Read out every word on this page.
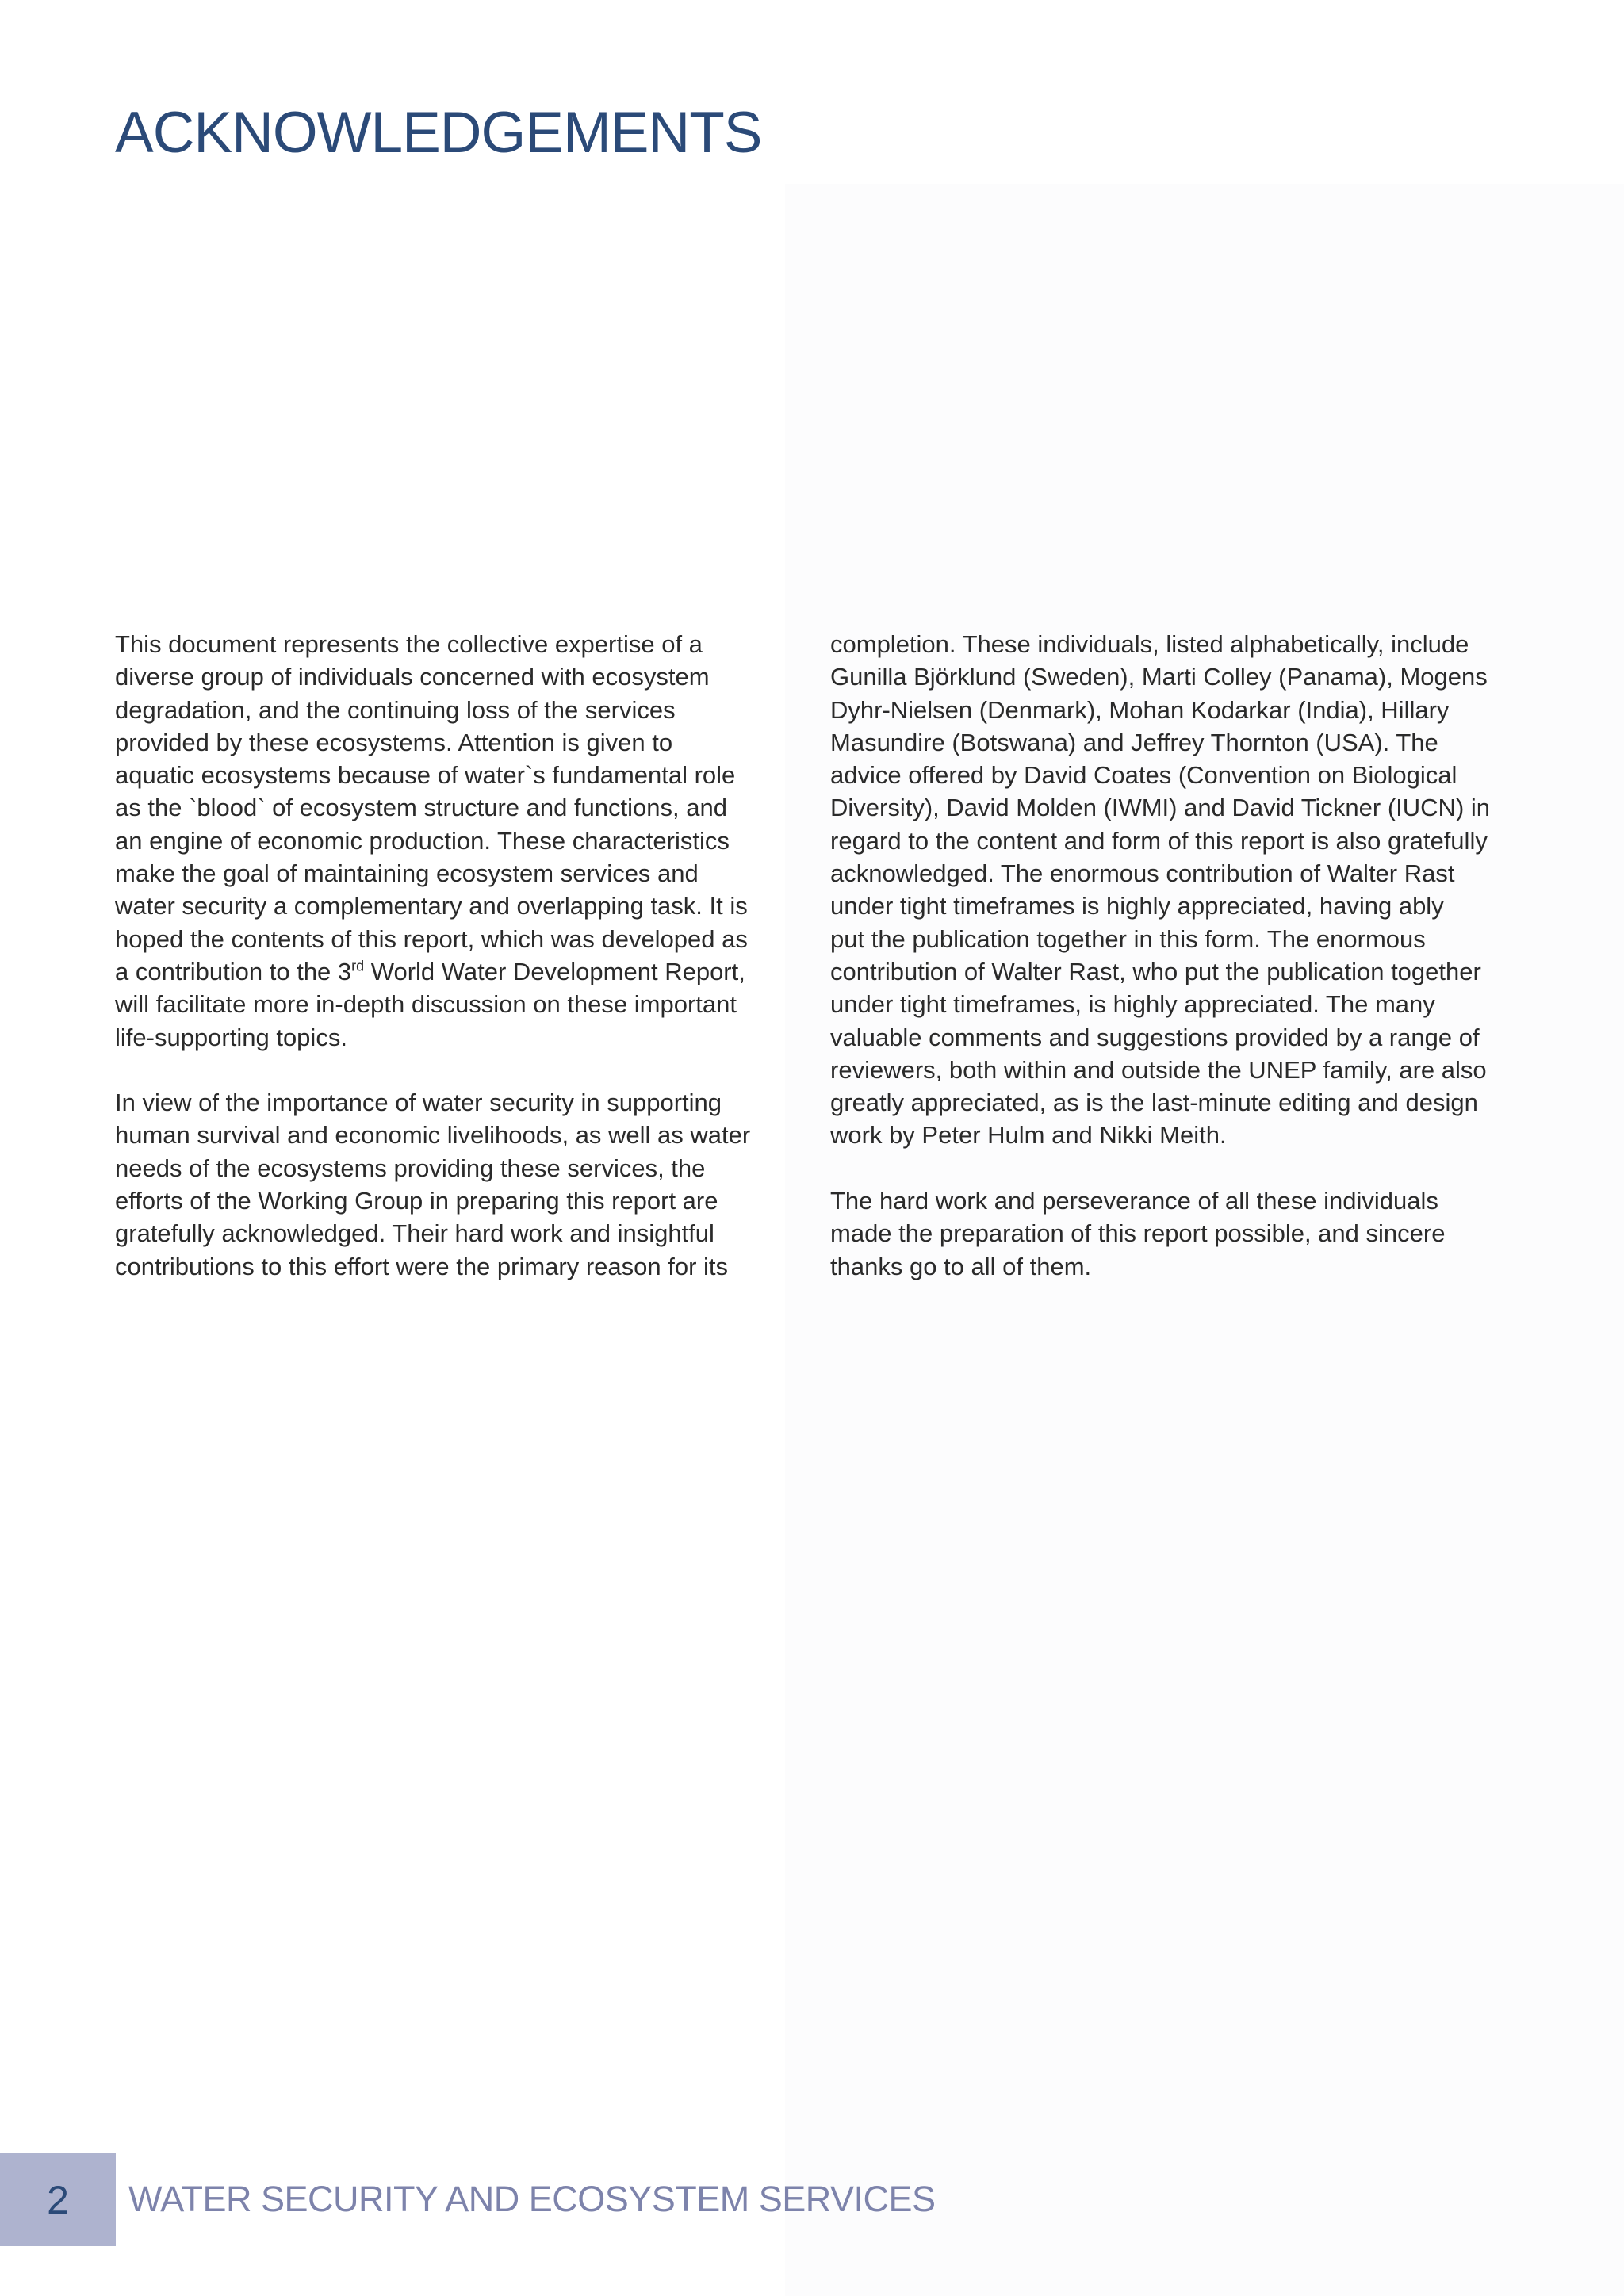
ACKNOWLEDGEMENTS

This document represents the collective expertise of a
diverse group of individuals concerned with ecosystem
degradation, and the continuing loss of the services
provided by these ecosystems. Attention is given to
aquatic ecosystems because of water`s fundamental role
as the `blood` of ecosystem structure and functions, and
an engine of economic production. These characteristics
make the goal of maintaining ecosystem services and
water security a complementary and overlapping task. It is
hoped the contents of this report, which was developed as
a contribution to the 3rd World Water Development Report,
will facilitate more in-depth discussion on these important
life-supporting topics.

In view of the importance of water security in supporting
human survival and economic livelihoods, as well as water
needs of the ecosystems providing these services, the
efforts of the Working Group in preparing this report are
gratefully acknowledged. Their hard work and insightful
contributions to this effort were the primary reason for its

completion. These individuals, listed alphabetically, include
Gunilla Björklund (Sweden), Marti Colley (Panama), Mogens
Dyhr-Nielsen (Denmark), Mohan Kodarkar (India), Hillary
Masundire (Botswana) and Jeffrey Thornton (USA). The
advice offered by David Coates (Convention on Biological
Diversity), David Molden (IWMI) and David Tickner (IUCN) in
regard to the content and form of this report is also gratefully
acknowledged. The enormous contribution of Walter Rast
under tight timeframes is highly appreciated, having ably
put the publication together in this form. The enormous
contribution of Walter Rast, who put the publication together
under tight timeframes, is highly appreciated. The many
valuable comments and suggestions provided by a range of
reviewers, both within and outside the UNEP family, are also
greatly appreciated, as is the last-minute editing and design
work by Peter Hulm and Nikki Meith.

The hard work and perseverance of all these individuals
made the preparation of this report possible, and sincere
thanks go to all of them.

2 WATER SECURITY AND ECOSYSTEM SERVICES
